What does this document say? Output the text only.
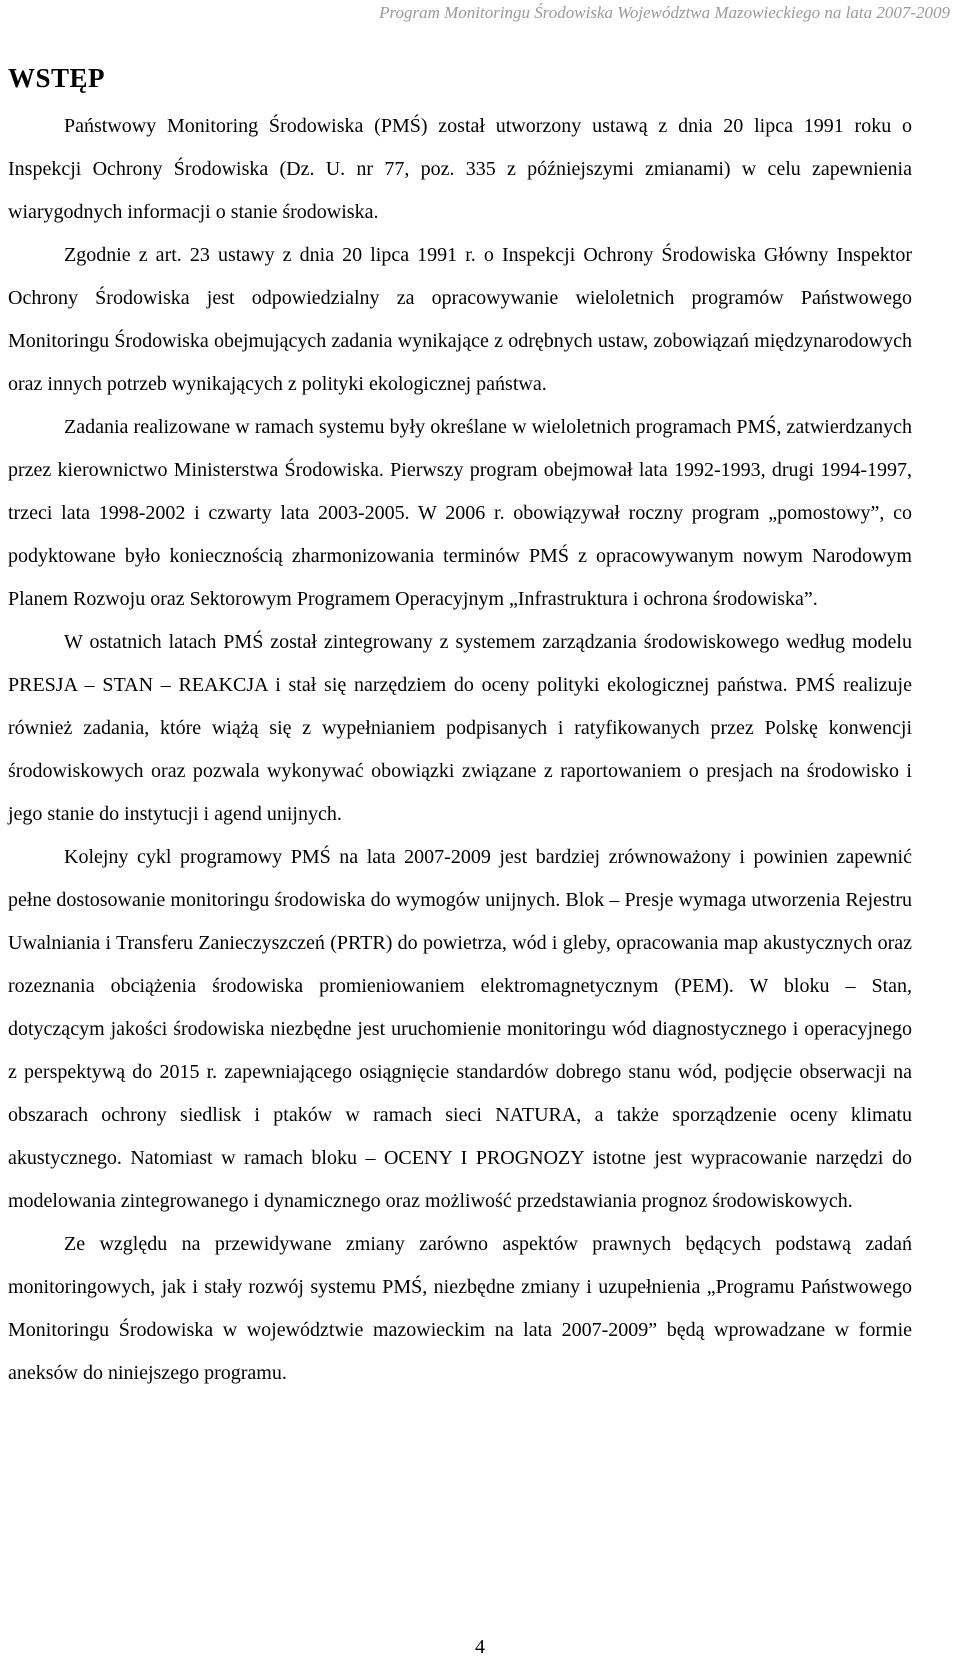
Program Monitoringu Środowiska Województwa Mazowieckiego na lata 2007-2009
WSTĘP

Państwowy Monitoring Środowiska (PMŚ) został utworzony ustawą z dnia 20 lipca 1991 roku o Inspekcji Ochrony Środowiska (Dz. U. nr 77, poz. 335 z późniejszymi zmianami) w celu zapewnienia wiarygodnych informacji o stanie środowiska.

Zgodnie z art. 23 ustawy z dnia 20 lipca 1991 r. o Inspekcji Ochrony Środowiska Główny Inspektor Ochrony Środowiska jest odpowiedzialny za opracowywanie wieloletnich programów Państwowego Monitoringu Środowiska obejmujących zadania wynikające z odrębnych ustaw, zobowiązań międzynarodowych oraz innych potrzeb wynikających z polityki ekologicznej państwa.

Zadania realizowane w ramach systemu były określane w wieloletnich programach PMŚ, zatwierdzanych przez kierownictwo Ministerstwa Środowiska. Pierwszy program obejmował lata 1992-1993, drugi 1994-1997, trzeci lata 1998-2002 i czwarty lata 2003-2005. W 2006 r. obowiązywał roczny program „pomostowy”, co podyktowane było koniecznością zharmonizowania terminów PMŚ z opracowywanym nowym Narodowym Planem Rozwoju oraz Sektorowym Programem Operacyjnym „Infrastruktura i ochrona środowiska”.

W ostatnich latach PMŚ został zintegrowany z systemem zarządzania środowiskowego według modelu PRESJA – STAN – REAKCJA i stał się narzędziem do oceny polityki ekologicznej państwa. PMŚ realizuje również zadania, które wiążą się z wypełnianiem podpisanych i ratyfikowanych przez Polskę konwencji środowiskowych oraz pozwala wykonywać obowiązki związane z raportowaniem o presjach na środowisko i jego stanie do instytucji i agend unijnych.

Kolejny cykl programowy PMŚ na lata 2007-2009 jest bardziej zrównoważony i powinien zapewnić pełne dostosowanie monitoringu środowiska do wymogów unijnych. Blok – Presje wymaga utworzenia Rejestru Uwalniania i Transferu Zanieczyszczeń (PRTR) do powietrza, wód i gleby, opracowania map akustycznych oraz rozeznania obciążenia środowiska promieniowaniem elektromagnetycznym (PEM). W bloku – Stan, dotyczącym jakości środowiska niezbędne jest uruchomienie monitoringu wód diagnostycznego i operacyjnego z perspektywą do 2015 r. zapewniającego osiągnięcie standardów dobrego stanu wód, podjęcie obserwacji na obszarach ochrony siedlisk i ptaków w ramach sieci NATURA, a także sporządzenie oceny klimatu akustycznego. Natomiast w ramach bloku – OCENY I PROGNOZY istotne jest wypracowanie narzędzi do modelowania zintegrowanego i dynamicznego oraz możliwość przedstawiania prognoz środowiskowych.

Ze względu na przewidywane zmiany zarówno aspektów prawnych będących podstawą zadań monitoringowych, jak i stały rozwój systemu PMŚ, niezbędne zmiany i uzupełnienia „Programu Państwowego Monitoringu Środowiska w województwie mazowieckim na lata 2007-2009” będą wprowadzane w formie aneksów do niniejszego programu.

4
